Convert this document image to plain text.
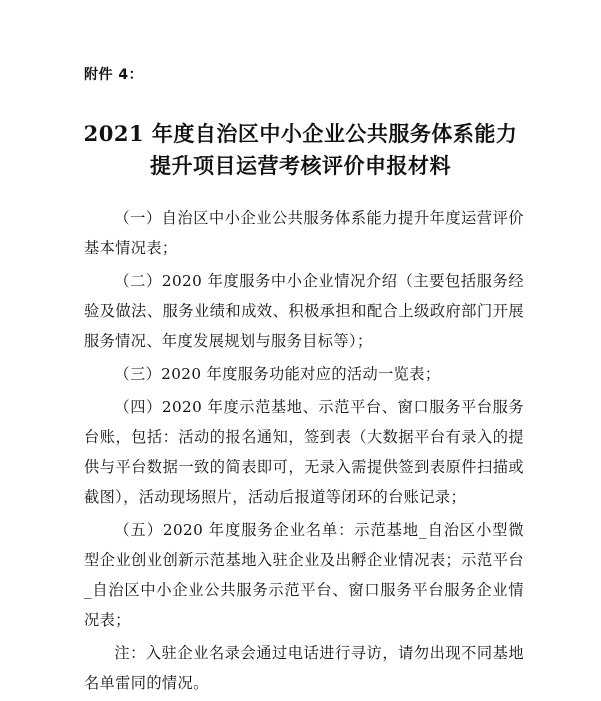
附件 4：
2021 年度自治区中小企业公共服务体系能力
提升项目运营考核评价申报材料

（一）自治区中小企业公共服务体系能力提升年度运营评价基本情况表；

（二）2020 年度服务中小企业情况介绍（主要包括服务经验及做法、服务业绩和成效、积极承担和配合上级政府部门开展服务情况、年度发展规划与服务目标等）；

（三）2020 年度服务功能对应的活动一览表；

（四）2020 年度示范基地、示范平台、窗口服务平台服务台账，包括：活动的报名通知，签到表（大数据平台有录入的提供与平台数据一致的简表即可，无录入需提供签到表原件扫描或截图），活动现场照片，活动后报道等闭环的台账记录；

（五）2020 年度服务企业名单：示范基地_自治区小型微型企业创业创新示范基地入驻企业及出孵企业情况表；示范平台_自治区中小企业公共服务示范平台、窗口服务平台服务企业情况表；

注：入驻企业名录会通过电话进行寻访，请勿出现不同基地名单雷同的情况。
